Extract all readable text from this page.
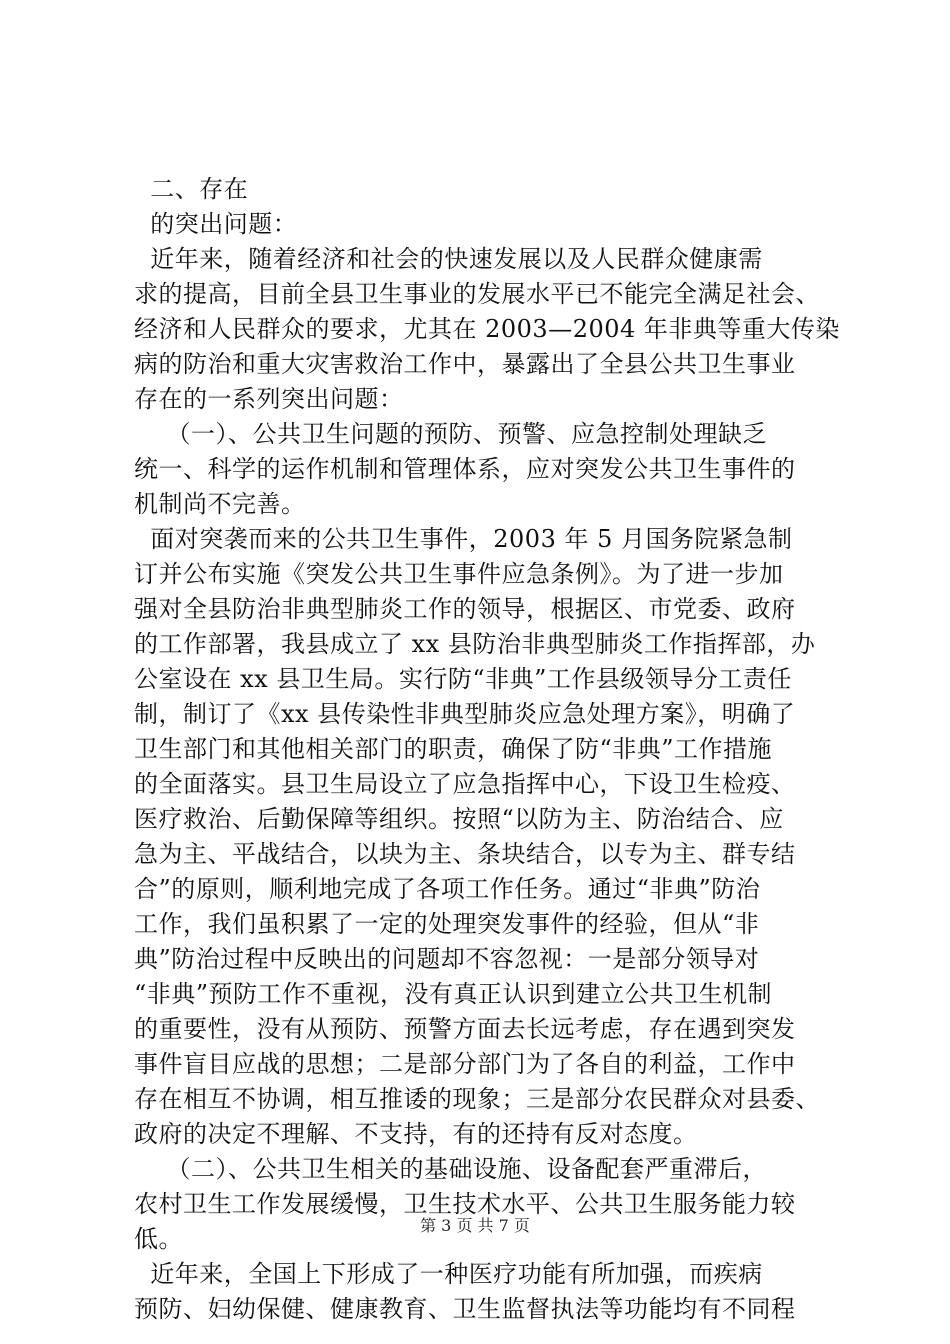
二、存在
的突出问题：
近年来，随着经济和社会的快速发展以及人民群众健康需
求的提高，目前全县卫生事业的发展水平已不能完全满足社会、
经济和人民群众的要求，尤其在 2003—2004 年非典等重大传染
病的防治和重大灾害救治工作中，暴露出了全县公共卫生事业
存在的一系列突出问题：
（一）、公共卫生问题的预防、预警、应急控制处理缺乏
统一、科学的运作机制和管理体系，应对突发公共卫生事件的
机制尚不完善。
面对突袭而来的公共卫生事件，2003 年 5 月国务院紧急制
订并公布实施《突发公共卫生事件应急条例》。为了进一步加
强对全县防治非典型肺炎工作的领导，根据区、市党委、政府
的工作部署，我县成立了 xx 县防治非典型肺炎工作指挥部，办
公室设在 xx 县卫生局。实行防“非典”工作县级领导分工责任
制，制订了《xx 县传染性非典型肺炎应急处理方案》，明确了
卫生部门和其他相关部门的职责，确保了防“非典”工作措施
的全面落实。县卫生局设立了应急指挥中心，下设卫生检疫、
医疗救治、后勤保障等组织。按照“以防为主、防治结合、应
急为主、平战结合，以块为主、条块结合，以专为主、群专结
合”的原则，顺利地完成了各项工作任务。通过“非典”防治
工作，我们虽积累了一定的处理突发事件的经验，但从“非
典”防治过程中反映出的问题却不容忽视：一是部分领导对
“非典”预防工作不重视，没有真正认识到建立公共卫生机制
的重要性，没有从预防、预警方面去长远考虑，存在遇到突发
事件盲目应战的思想；二是部分部门为了各自的利益，工作中
存在相互不协调，相互推诿的现象；三是部分农民群众对县委、
政府的决定不理解、不支持，有的还持有反对态度。
（二）、公共卫生相关的基础设施、设备配套严重滞后，
农村卫生工作发展缓慢，卫生技术水平、公共卫生服务能力较
低。
近年来，全国上下形成了一种医疗功能有所加强，而疾病
预防、妇幼保健、健康教育、卫生监督执法等功能均有不同程
第 3 页 共 7 页
